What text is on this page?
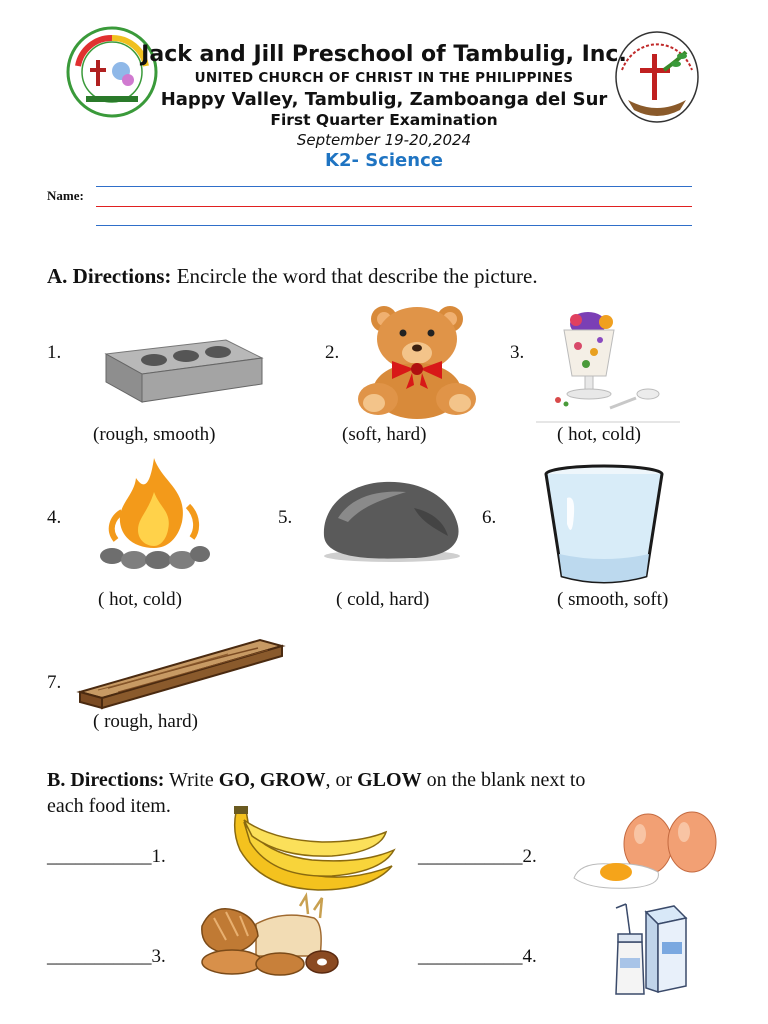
Jack and Jill Preschool of Tambulig, Inc.
UNITED CHURCH OF CHRIST IN THE PHILIPPINES
Happy Valley, Tambulig, Zamboanga del Sur
First Quarter Examination
September 19-20,2024
K2- Science
Name:
A. Directions: Encircle the word that describe the picture.
1.	2.	3.
(rough, smooth)	(soft, hard)	( hot, cold)
4.	5.	6.
( hot, cold)	( cold, hard)	( smooth, soft)
7.
( rough, hard)
B. Directions: Write GO, GROW, or GLOW on the blank next to
each food item.
___________1.	___________2.
___________3.	___________4.
